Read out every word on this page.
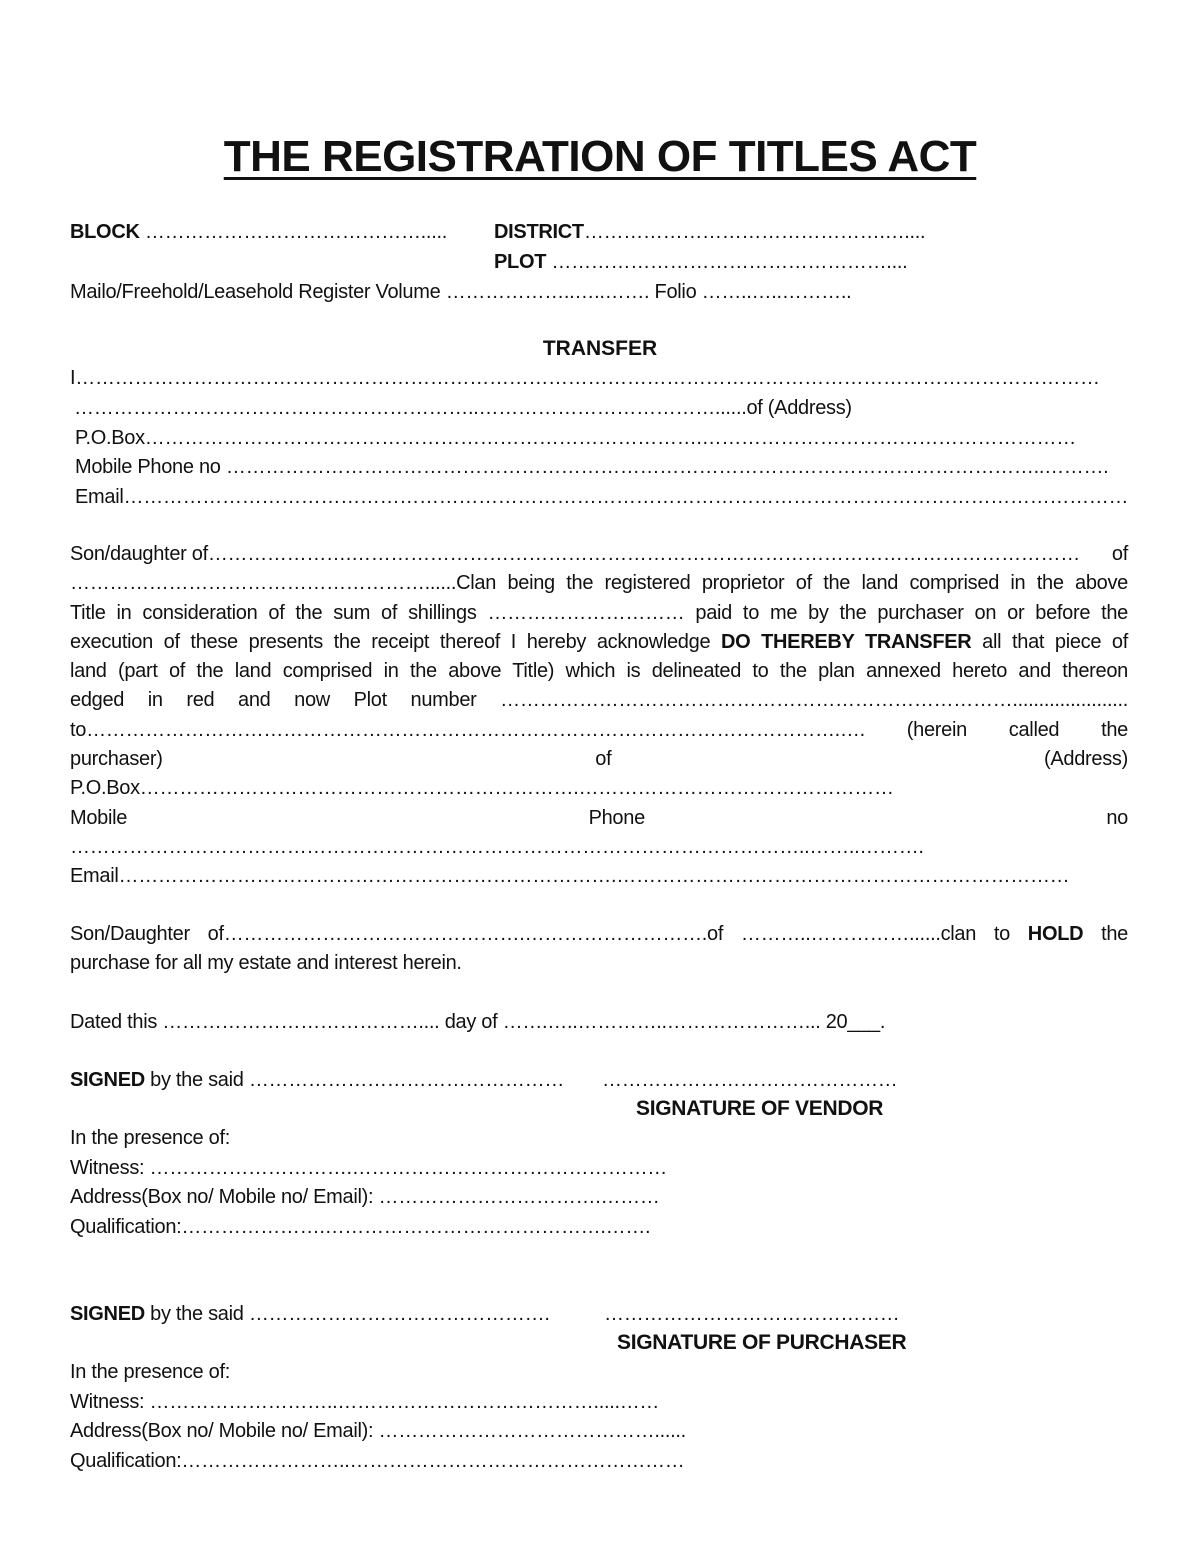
THE REGISTRATION OF TITLES ACT
BLOCK ……………………………………..... DISTRICT……………………………………….…....
PLOT ……………………………………………....
Mailo/Freehold/Leasehold Register Volume ………………..…..……. Folio ……..…..………..
TRANSFER
I…………………………………………………………………………………………………………………………………………
……………………………………………………..………………………………......of (Address)
P.O.Box………………………………………………………………………….…………………………………………………
Mobile Phone no ……………………………………………………………………………………………………………..……….
Email………………………………………………………………………………………………………………………………………
Son/daughter of………………….………………………………………………………………………………………………… of
………………………………………………......Clan being the registered proprietor of the land comprised in the above
Title in consideration of the sum of shillings ………………………… paid to me by the purchaser on or before the
execution of these presents the receipt thereof I hereby acknowledge DO THEREBY TRANSFER all that piece of
land (part of the land comprised in the above Title) which is delineated to the plan annexed hereto and thereon
edged in red and now Plot number ……………………………………………………………………......................
to…………………………………………………………………………………………………….…. (herein called the
purchaser) of (Address)
P.O.Box………………………………………………………….…………………………………………
Mobile Phone no
…………………………………………………………………………………………………..……..……….
Email………………………………………………………………….……………………………………………………………
Son/Daughter of……………………………………….……………………….of ………..……………......clan to HOLD the
purchase for all my estate and interest herein.
Dated this ………………………………….... day of …….…..…………..…………………... 20___.
SIGNED by the said ………………………………………… ………………………………………
SIGNATURE OF VENDOR
In the presence of:
Witness: ………………………….…………………………………………
Address(Box no/ Mobile no/ Email): …………………………….………
Qualification:………………….…………………………………….…….
SIGNED by the said ……………………………………….	………………………………………
SIGNATURE OF PURCHASER
In the presence of:
Witness: ………………………..………………………………….....……
Address(Box no/ Mobile no/ Email): ……………………………………......
Qualification:……………………..……………………………………………
